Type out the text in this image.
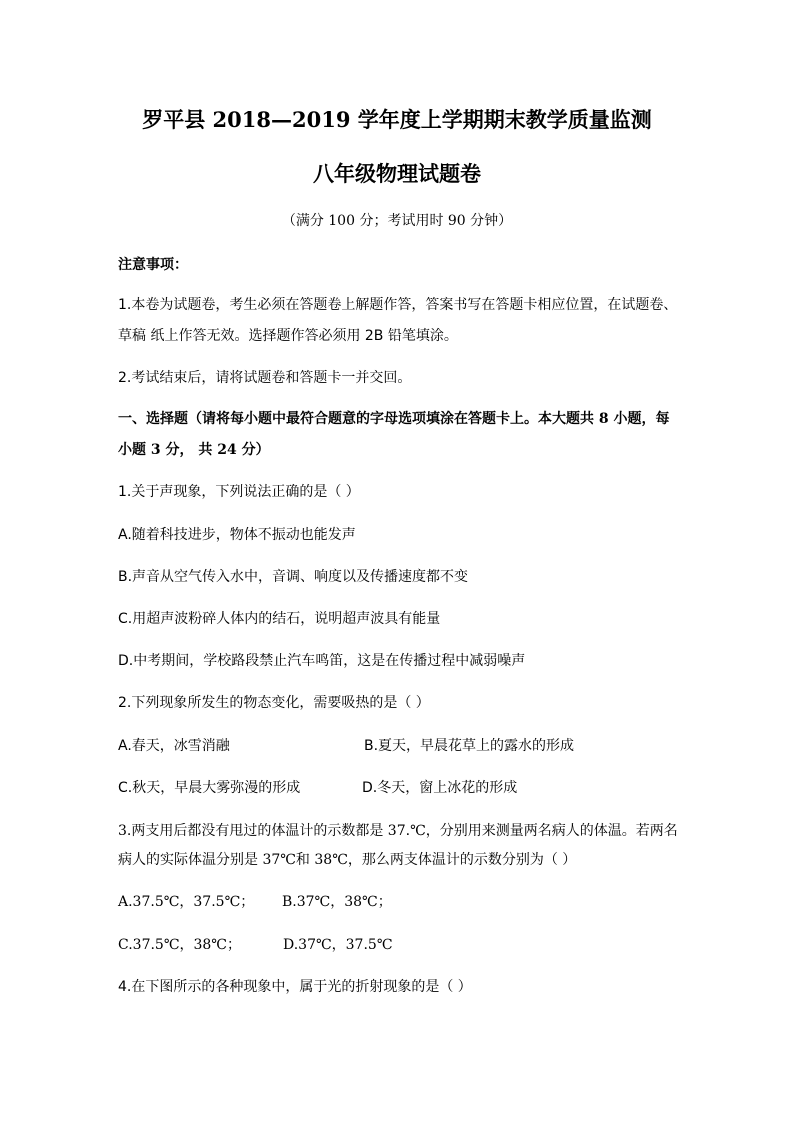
罗平县 2018—2019 学年度上学期期末教学质量监测
八年级物理试题卷
（满分 100 分；考试用时 90 分钟）
注意事项：
1.本卷为试题卷，考生必须在答题卷上解题作答，答案书写在答题卡相应位置，在试题卷、
草稿 纸上作答无效。选择题作答必须用 2B 铅笔填涂。
2.考试结束后，请将试题卷和答题卡一并交回。
一、选择题（请将每小题中最符合题意的字母选项填涂在答题卡上。本大题共 8 小题，每
小题 3 分， 共 24 分）
1.关于声现象，下列说法正确的是（ ）
A.随着科技进步，物体不振动也能发声
B.声音从空气传入水中，音调、响度以及传播速度都不变
C.用超声波粉碎人体内的结石，说明超声波具有能量
D.中考期间，学校路段禁止汽车鸣笛，这是在传播过程中减弱噪声
2.下列现象所发生的物态变化，需要吸热的是（ ）
A.春天，冰雪消融	B.夏天，早晨花草上的露水的形成
C.秋天，早晨大雾弥漫的形成	D.冬天，窗上冰花的形成
3.两支用后都没有甩过的体温计的示数都是 37.℃，分别用来测量两名病人的体温。若两名
病人的实际体温分别是 37℃和 38℃，那么两支体温计的示数分别为（ ）
A.37.5℃，37.5℃； B.37℃，38℃；
C.37.5℃，38℃；	D.37℃，37.5℃
4.在下图所示的各种现象中，属于光的折射现象的是（ ）
